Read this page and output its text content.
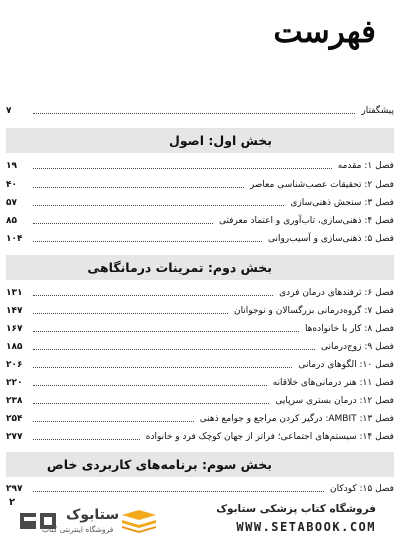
فهرست
پیشگفتار
۷
بخش اول: اصول
فصل ۱: مقدمه
۱۹
فصل ۲: تحقیقات عصب‌شناسی معاصر
۴۰
فصل ۳: سنجش ذهنی‌سازی
۵۷
فصل ۴: ذهنی‌سازی، تاب‌آوری و اعتماد معرفتی
۸۵
فصل ۵: ذهنی‌سازی و آسیب‌روانی
۱۰۴
بخش دوم: تمرینات درمانگاهی
فصل ۶: ترفندهای درمان فردی
۱۳۱
فصل ۷: گروه‌درمانی بزرگسالان و نوجوانان
۱۴۷
فصل ۸: کار با خانواده‌ها
۱۶۷
فصل ۹: زوج‌درمانی
۱۸۵
فصل ۱۰: الگوهای درمانی
۲۰۶
فصل ۱۱: هنر درمانی‌های خلاقانه
۲۲۰
فصل ۱۲: درمان بستری سرپایی
۲۳۸
فصل ۱۳: AMBIT: درگیر کردن مراجع و جوامع ذهنی
۲۵۴
فصل ۱۴: سیستم‌های اجتماعی؛ فراتر از جهان کوچک فرد و خانواده
۲۷۷
بخش سوم: برنامه‌های کاربردی خاص
فصل ۱۵: کودکان
۲۹۷
۲
ستابوک
فروشگاه اینترنتی کتاب
فروشگاه کتاب پزشکی ستابوک
WWW.SETABOOK.COM
